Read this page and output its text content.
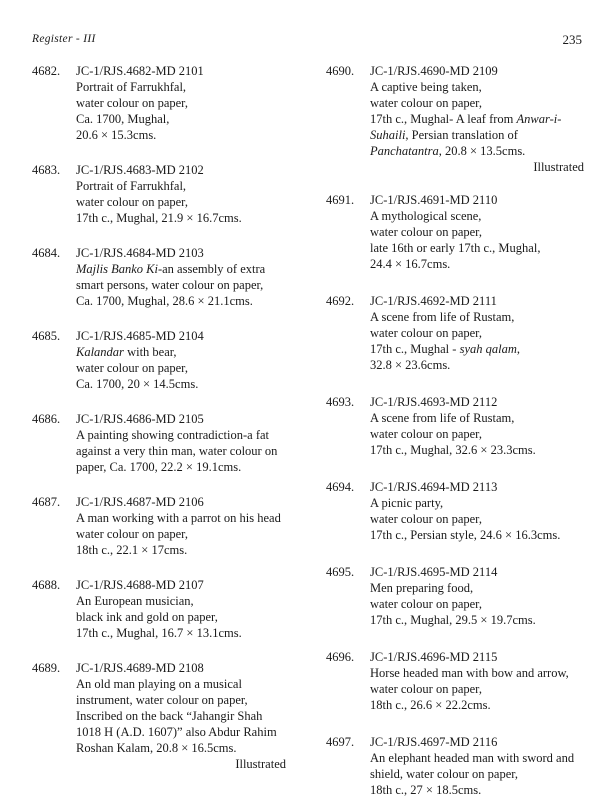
Register - III	235
4682. JC-1/RJS.4682-MD 2101
Portrait of Farrukhfal,
water colour on paper,
Ca. 1700, Mughal,
20.6 × 15.3cms.
4683. JC-1/RJS.4683-MD 2102
Portrait of Farrukhfal,
water colour on paper,
17th c., Mughal, 21.9 × 16.7cms.
4684. JC-1/RJS.4684-MD 2103
Majlis Banko Ki-an assembly of extra
smart persons, water colour on paper,
Ca. 1700, Mughal, 28.6 × 21.1cms.
4685. JC-1/RJS.4685-MD 2104
Kalandar with bear,
water colour on paper,
Ca. 1700, 20 × 14.5cms.
4686. JC-1/RJS.4686-MD 2105
A painting showing contradiction-a fat
against a very thin man, water colour on
paper, Ca. 1700, 22.2 × 19.1cms.
4687. JC-1/RJS.4687-MD 2106
A man working with a parrot on his head
water colour on paper,
18th c., 22.1 × 17cms.
4688. JC-1/RJS.4688-MD 2107
An European musician,
black ink and gold on paper,
17th c., Mughal, 16.7 × 13.1cms.
4689. JC-1/RJS.4689-MD 2108
An old man playing on a musical
instrument, water colour on paper,
Inscribed on the back “Jahangir Shah
1018 H (A.D. 1607)” also Abdur Rahim
Roshan Kalam, 20.8 × 16.5cms.
Illustrated
4690. JC-1/RJS.4690-MD 2109
A captive being taken,
water colour on paper,
17th c., Mughal- A leaf from Anwar-i-
Suhaili, Persian translation of
Panchatantra, 20.8 × 13.5cms.
Illustrated
4691. JC-1/RJS.4691-MD 2110
A mythological scene,
water colour on paper,
late 16th or early 17th c., Mughal,
24.4 × 16.7cms.
4692. JC-1/RJS.4692-MD 2111
A scene from life of Rustam,
water colour on paper,
17th c., Mughal - syah qalam,
32.8 × 23.6cms.
4693. JC-1/RJS.4693-MD 2112
A scene from life of Rustam,
water colour on paper,
17th c., Mughal, 32.6 × 23.3cms.
4694. JC-1/RJS.4694-MD 2113
A picnic party,
water colour on paper,
17th c., Persian style, 24.6 × 16.3cms.
4695. JC-1/RJS.4695-MD 2114
Men preparing food,
water colour on paper,
17th c., Mughal, 29.5 × 19.7cms.
4696. JC-1/RJS.4696-MD 2115
Horse headed man with bow and arrow,
water colour on paper,
18th c., 26.6 × 22.2cms.
4697. JC-1/RJS.4697-MD 2116
An elephant headed man with sword and
shield, water colour on paper,
18th c., 27 × 18.5cms.
